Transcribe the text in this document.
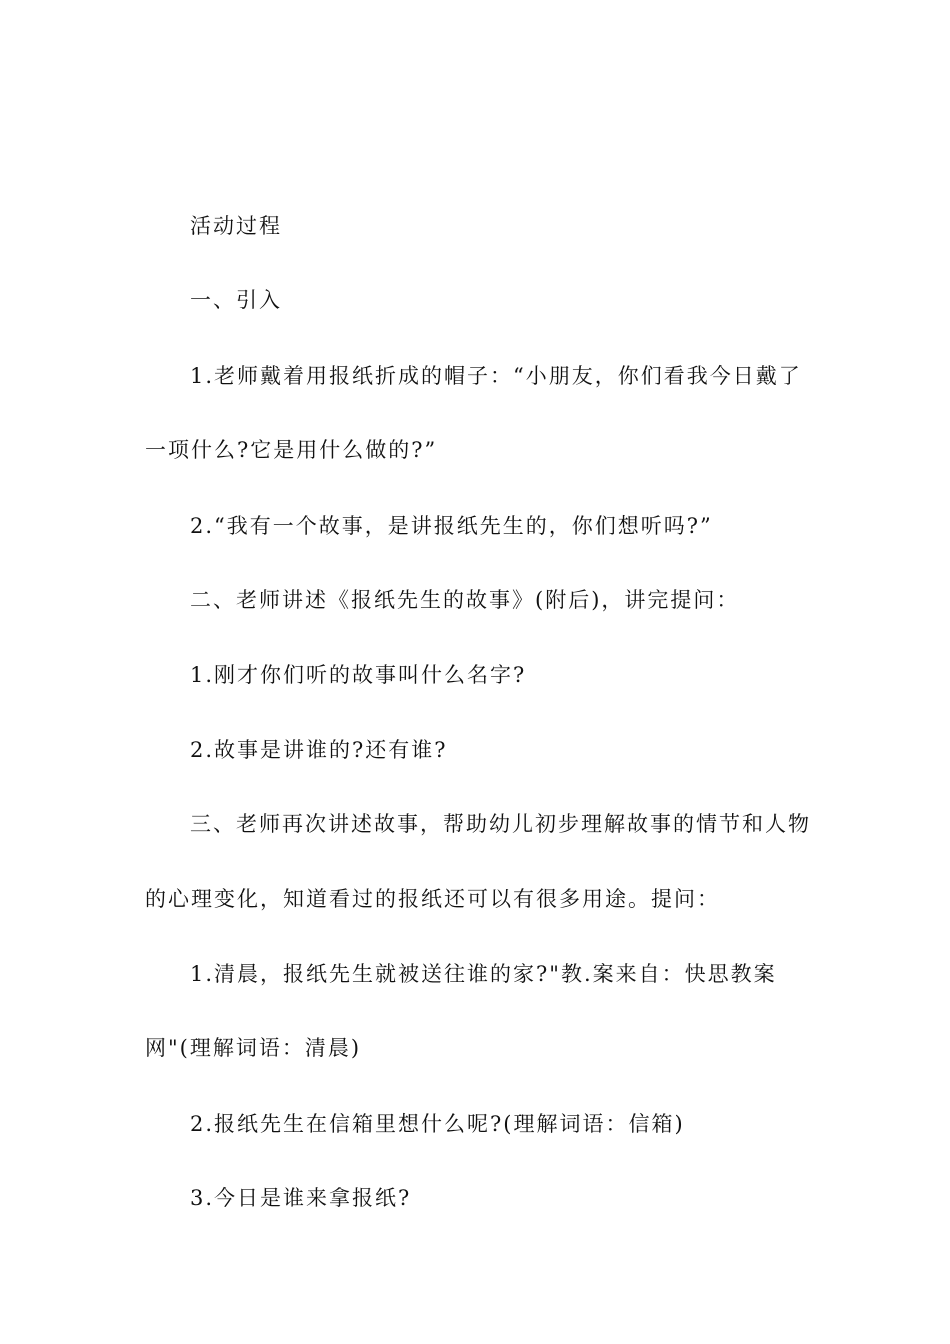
活动过程
一、引入
1.老师戴着用报纸折成的帽子：“小朋友，你们看我今日戴了
一项什么?它是用什么做的?”
2.“我有一个故事，是讲报纸先生的，你们想听吗?”
二、老师讲述《报纸先生的故事》(附后)，讲完提问：
1.刚才你们听的故事叫什么名字?
2.故事是讲谁的?还有谁?
三、老师再次讲述故事，帮助幼儿初步理解故事的情节和人物
的心理变化，知道看过的报纸还可以有很多用途。提问：
1.清晨，报纸先生就被送往谁的家?"教.案来自：快思教案
网"(理解词语：清晨)
2.报纸先生在信箱里想什么呢?(理解词语：信箱)
3.今日是谁来拿报纸?
